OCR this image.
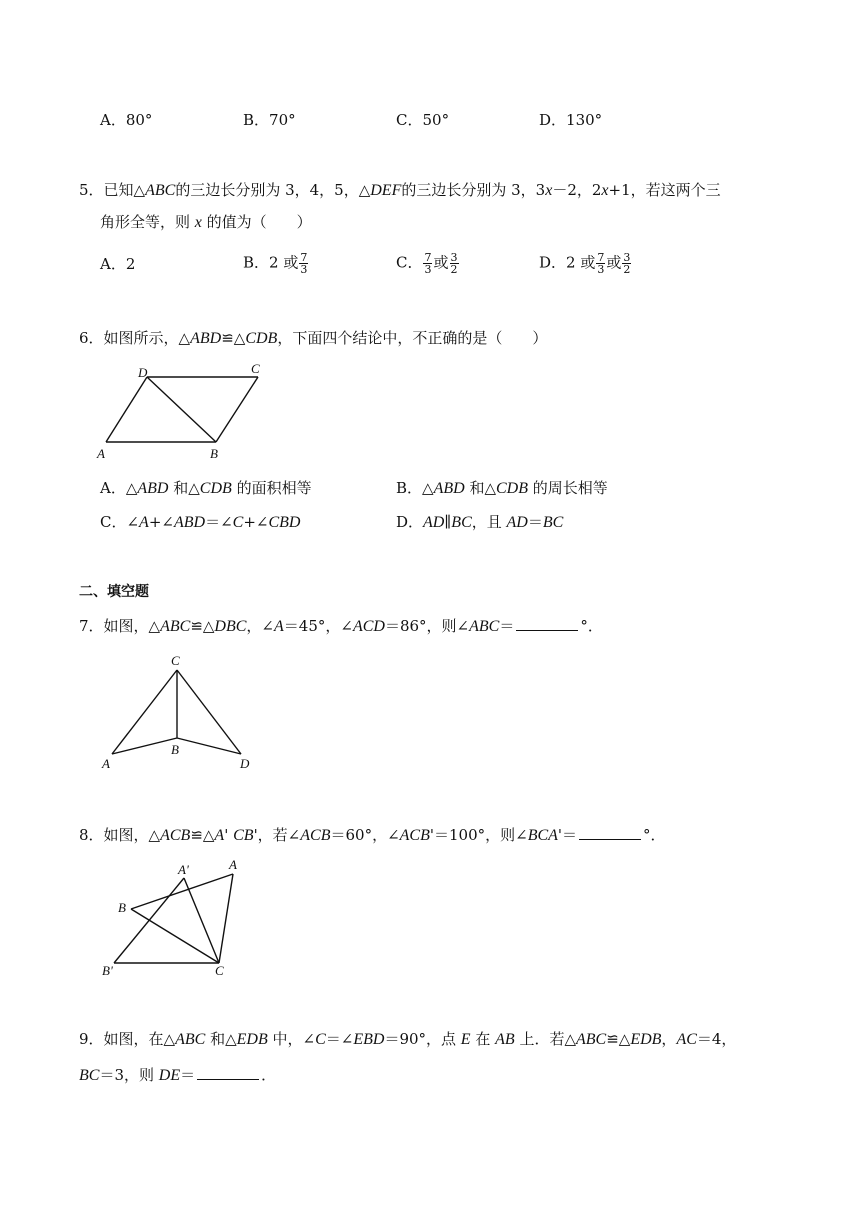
A．80°	B．70°	C．50°	D．130°
5．已知△ABC的三边长分别为 3，4，5，△DEF的三边长分别为 3，3x－2，2x+1，若这两个三
角形全等，则 x 的值为（　　）
A．2	B．2 或 $\frac{7}{3}$	C． $\frac{7}{3}$ 或 $\frac{3}{2}$	D．2 或 $\frac{7}{3}$ 或 $\frac{3}{2}$
6．如图所示，△ABD≌△CDB，下面四个结论中，不正确的是（　　）
A	B
C
D
A．△ABD 和△CDB 的面积相等	B．△ABD 和△CDB 的周长相等
C．∠A+∠ABD＝∠C+∠CBD	D．AD∥BC，且 AD＝BC
二、填空题
7．如图，△ABC≌△DBC，∠A＝45°，∠ACD＝86°，则∠ABC＝	°．
C
A
B
D
8．如图，△ACB≌△A' CB'，若∠ACB＝60°，∠ACB'＝100°，则∠BCA'＝	°．
A
A'
B
B'	C
9．如图，在△ABC 和△EDB 中，∠C＝∠EBD＝90°，点 E 在 AB 上．若△ABC≌△EDB，AC＝4，
BC＝3，则 DE＝	．
